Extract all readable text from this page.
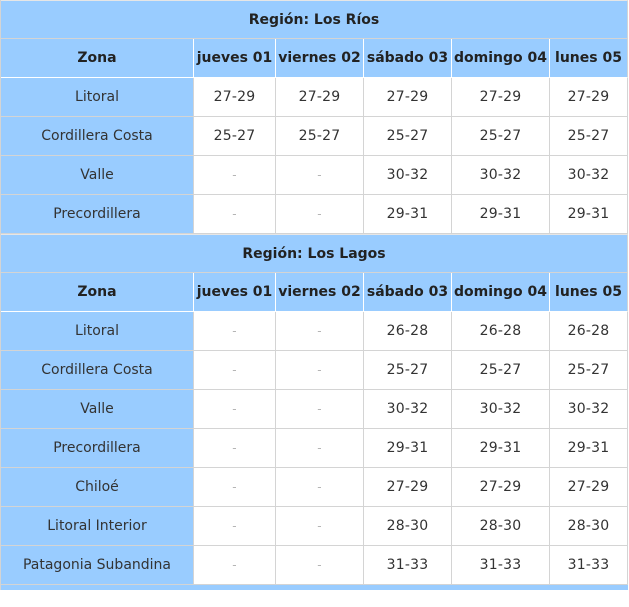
Región: Los Ríos					
Zona	jueves 01	viernes 02	sábado 03	domingo 04	lunes 05
Litoral	27-29	27-29	27-29	27-29	27-29
Cordillera Costa	25-27	25-27	25-27	25-27	25-27
Valle	-	-	30-32	30-32	30-32
Precordillera	-	-	29-31	29-31	29-31
Región: Los Lagos					
Zona	jueves 01	viernes 02	sábado 03	domingo 04	lunes 05
Litoral	-	-	26-28	26-28	26-28
Cordillera Costa	-	-	25-27	25-27	25-27
Valle	-	-	30-32	30-32	30-32
Precordillera	-	-	29-31	29-31	29-31
Chiloé	-	-	27-29	27-29	27-29
Litoral Interior	-	-	28-30	28-30	28-30
Patagonia Subandina	-	-	31-33	31-33	31-33
